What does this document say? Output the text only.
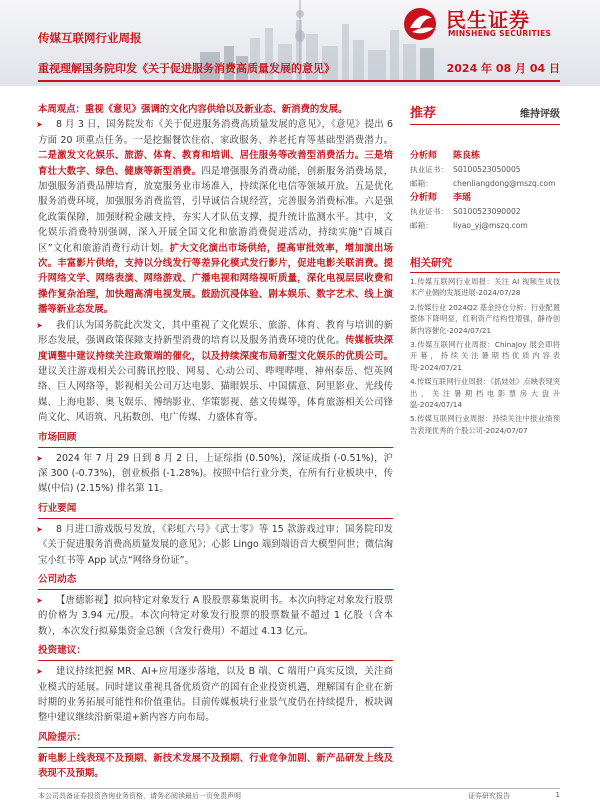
民生证券
MINSHENG SECURITIES
传媒互联网行业周报
重视理解国务院印发《关于促进服务消费高质量发展的意见》	2024 年 08 月 04 日

本周观点：重视《意见》强调的文化内容供给以及新业态、新消费的发展。

➤ 8 月 3 日，国务院发布《关于促进服务消费高质量发展的意见》，《意见》提出 6 方面 20 项重点任务。一是挖掘餐饮住宿、家政服务、养老托育等基础型消费潜力。二是激发文化娱乐、旅游、体育、教育和培训、居住服务等改善型消费活力。三是培育壮大数字、绿色、健康等新型消费。四是增强服务消费动能，创新服务消费场景，加强服务消费品牌培育，放宽服务业市场准入，持续深化电信等领域开放。五是优化服务消费环境，加强服务消费监管，引导诚信合规经营，完善服务消费标准。六是强化政策保障，加强财税金融支持，夯实人才队伍支撑，提升统计监测水平。其中，文化娱乐消费特别强调，深入开展全国文化和旅游消费促进活动，持续实施“百城百区”文化和旅游消费行动计划。扩大文化演出市场供给，提高审批效率，增加演出场次。丰富影片供给，支持以分线发行等差异化模式发行影片，促进电影关联消费。提升网络文学、网络表演、网络游戏、广播电视和网络视听质量，深化电视层层收费和操作复杂治理，加快超高清电视发展。鼓励沉浸体验、剧本娱乐、数字艺术、线上演播等新业态发展。

➤ 我们认为国务院此次发文，其中重视了文化娱乐、旅游、体育、教育与培训的新形态发展，强调政策保障支持新型消费的培育以及服务消费环境的优化。传媒板块深度调整中建议持续关注政策端的催化，以及持续深度布局新型文化娱乐的优质公司。建议关注游戏相关公司腾讯控股、网易、心动公司、哔哩哔哩、神州泰岳、恺英网络、巨人网络等，影视相关公司万达电影、猫眼娱乐、中国儒意、阿里影业、光线传媒、上海电影、奥飞娱乐、博纳影业、华策影视、慈文传媒等，体育旅游相关公司锋尚文化、风语筑、凡拓数创、电广传媒、力盛体育等。

市场回顾

➤ 2024 年 7 月 29 日到 8 月 2 日，上证综指 (0.50%)，深证成指 (-0.51%)，沪深 300 (-0.73%)，创业板指 (-1.28%)。按照中信行业分类，在所有行业板块中，传媒(中信) (2.15%) 排名第 11。

行业要闻

➤ 8 月进口游戏版号发放，《彩虹六号》《武士零》等 15 款游戏过审；国务院印发《关于促进服务消费高质量发展的意见》；心影 Lingo 端到端语音大模型问世；微信淘宝小红书等 App 试点“网络身份证”。

公司动态

➤ 【唐德影视】拟向特定对象发行 A 股股票募集说明书。本次向特定对象发行股票的价格为 3.94 元/股。本次向特定对象发行股票的股票数量不超过 1 亿股（含本数），本次发行拟募集资金总额（含发行费用）不超过 4.13 亿元。

投资建议：

➤ 建议持续把握 MR、AI+应用逐步落地，以及 B 端、C 端用户真实反馈，关注商业模式的延展。同时建议重视具备优质资产的国有企业投资机遇，理解国有企业在新时期的业务拓展可能性和价值重估。目前传媒板块行业景气度仍在持续提升，板块调整中建议继续沿新渠道+新内容方向布局。

风险提示：

新电影上线表现不及预期、新技术发展不及预期、行业竞争加剧、新产品研发上线及表现不及预期。

推荐	维持评级
分析师	陈良栋
执业证书： S0100523050005
邮箱：	chenliangdong@mszq.com
分析师	李瑶
执业证书： S0100523090002
邮箱：	liyao_yj@mszq.com
相关研究
1.传媒互联网行业周报：关注 AI 视频生成技术产业侧的发展进展-2024/07/28
2.传媒行业 2024Q2 基金持仓分析：行业配置整体下降明显，红利资产结构性增强，静待创新内容催化-2024/07/21
3.传媒互联网行业周报：ChinaJoy 展会即将开幕，持续关注暑期档优质内容表现-2024/07/21
4.传媒互联网行业周报：《抓娃娃》点映表现突出，关注暑期档电影票房大盘升温-2024/07/14
5.传媒互联网行业周报：持续关注中报业绩预告表现优秀的个股公司-2024/07/07
本公司具备证券投资咨询业务资格，请务必阅读最后一页免责声明	证券研究报告	1
